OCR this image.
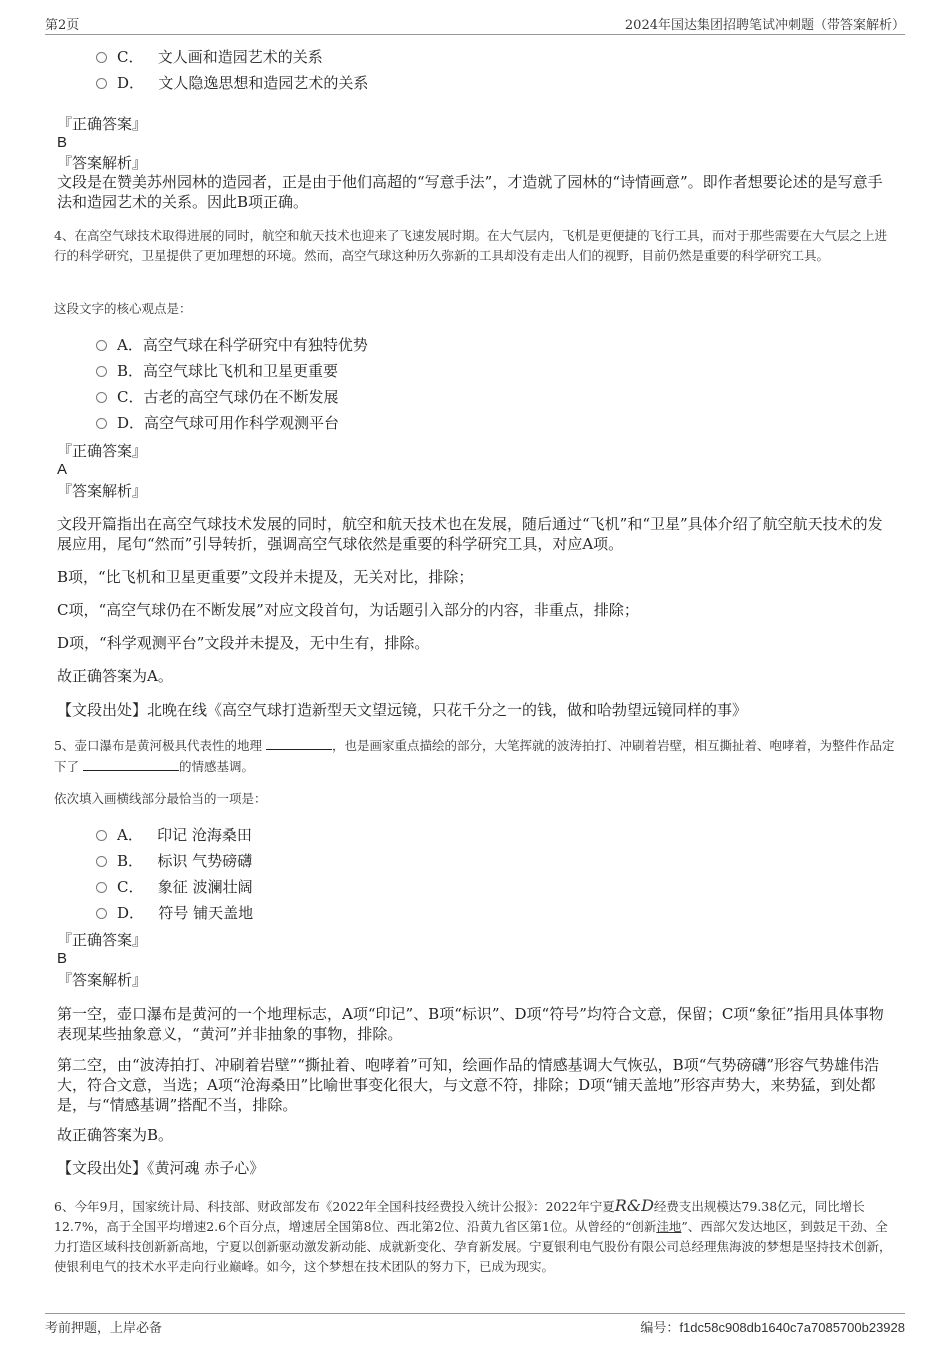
第2页	2024年国达集团招聘笔试冲刺题（带答案解析）
C． 文人画和造园艺术的关系
D． 文人隐逸思想和造园艺术的关系
『正确答案』
B
『答案解析』
文段是在赞美苏州园林的造园者，正是由于他们高超的“写意手法”，才造就了园林的“诗情画意”。即作者想要论述的是写意手法和造园艺术的关系。因此B项正确。
4、在高空气球技术取得进展的同时，航空和航天技术也迎来了飞速发展时期。在大气层内，飞机是更便捷的飞行工具，而对于那些需要在大气层之上进行的科学研究，卫星提供了更加理想的环境。然而，高空气球这种历久弥新的工具却没有走出人们的视野，目前仍然是重要的科学研究工具。
这段文字的核心观点是：
A．高空气球在科学研究中有独特优势
B．高空气球比飞机和卫星更重要
C．古老的高空气球仍在不断发展
D．高空气球可用作科学观测平台
『正确答案』
A
『答案解析』
文段开篇指出在高空气球技术发展的同时，航空和航天技术也在发展，随后通过“飞机”和“卫星”具体介绍了航空航天技术的发展应用，尾句“然而”引导转折，强调高空气球依然是重要的科学研究工具，对应A项。
B项，“比飞机和卫星更重要”文段并未提及，无关对比，排除；
C项，“高空气球仍在不断发展”对应文段首句，为话题引入部分的内容，非重点，排除；
D项，“科学观测平台”文段并未提及，无中生有，排除。
故正确答案为A。
【文段出处】北晚在线《高空气球打造新型天文望远镜，只花千分之一的钱，做和哈勃望远镜同样的事》
5、壶口瀑布是黄河极具代表性的地理	，也是画家重点描绘的部分，大笔挥就的波涛拍打、冲刷着岩壁，相互撕扯着、咆哮着，为整件作品定下了	的情感基调。
依次填入画横线部分最恰当的一项是：
A． 印记 沧海桑田
B． 标识 气势磅礴
C． 象征 波澜壮阔
D． 符号 铺天盖地
『正确答案』
B
『答案解析』
第一空，壶口瀑布是黄河的一个地理标志，A项“印记”、B项“标识”、D项“符号”均符合文意，保留；C项“象征”指用具体事物表现某些抽象意义，“黄河”并非抽象的事物，排除。
第二空，由“波涛拍打、冲刷着岩壁”“撕扯着、咆哮着”可知，绘画作品的情感基调大气恢弘，B项“气势磅礴”形容气势雄伟浩大，符合文意，当选；A项“沧海桑田”比喻世事变化很大，与文意不符，排除；D项“铺天盖地”形容声势大，来势猛，到处都是，与“情感基调”搭配不当，排除。
故正确答案为B。
【文段出处】《黄河魂 赤子心》
6、今年9月，国家统计局、科技部、财政部发布《2022年全国科技经费投入统计公报》：2022年宁夏R&D经费支出规模达79.38亿元，同比增长12.7%，高于全国平均增速2.6个百分点，增速居全国第8位、西北第2位、沿黄九省区第1位。从曾经的“创新洼地”、西部欠发达地区，到鼓足干劲、全力打造区域科技创新新高地，宁夏以创新驱动激发新动能、成就新变化、孕育新发展。宁夏银利电气股份有限公司总经理焦海波的梦想是坚持技术创新，使银利电气的技术水平走向行业巅峰。如今，这个梦想在技术团队的努力下，已成为现实。
考前押题，上岸必备	编号：f1dc58c908db1640c7a7085700b23928
